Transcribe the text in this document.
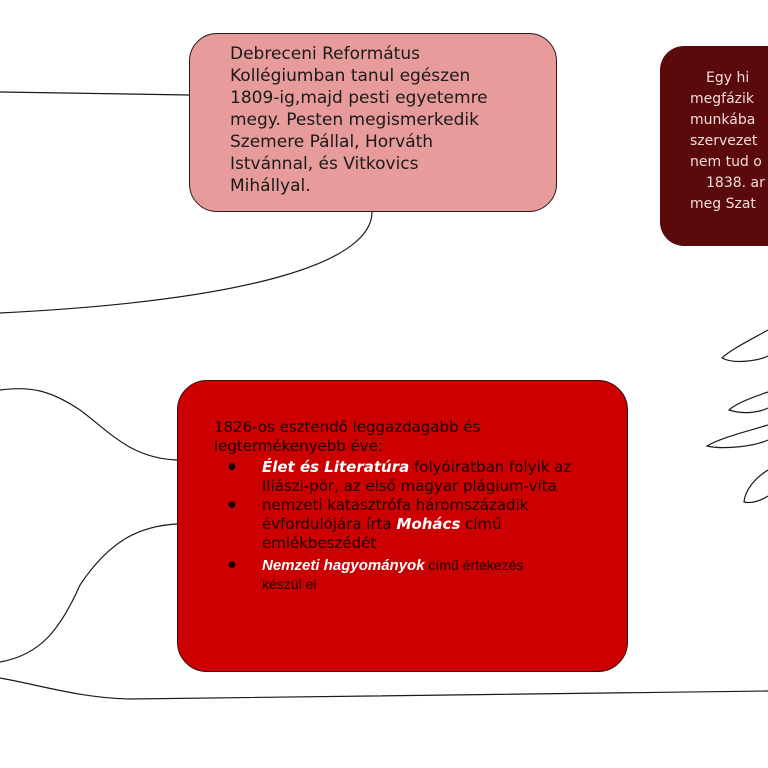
Debreceni Református
Kollégiumban tanul egészen
1809-ig,majd pesti egyetemre
megy. Pesten megismerkedik
Szemere Pállal, Horváth
Istvánnal, és Vitkovics
Mihállyal.

Egy hi

megfázik

munkába

szervezet

nem tud o

1838. ar

meg Szat

1826-os esztendő leggazdagabb és
legtermékenyebb éve:

● Élet és Literatúra folyóiratban folyik az
Iliászi-pör, az első magyar plágium-vita
● nemzeti katasztrófa háromszázadik
évfordulójára írta Mohács című
emlékbeszédét
● Nemzeti hagyományok című értekezés
készül el
